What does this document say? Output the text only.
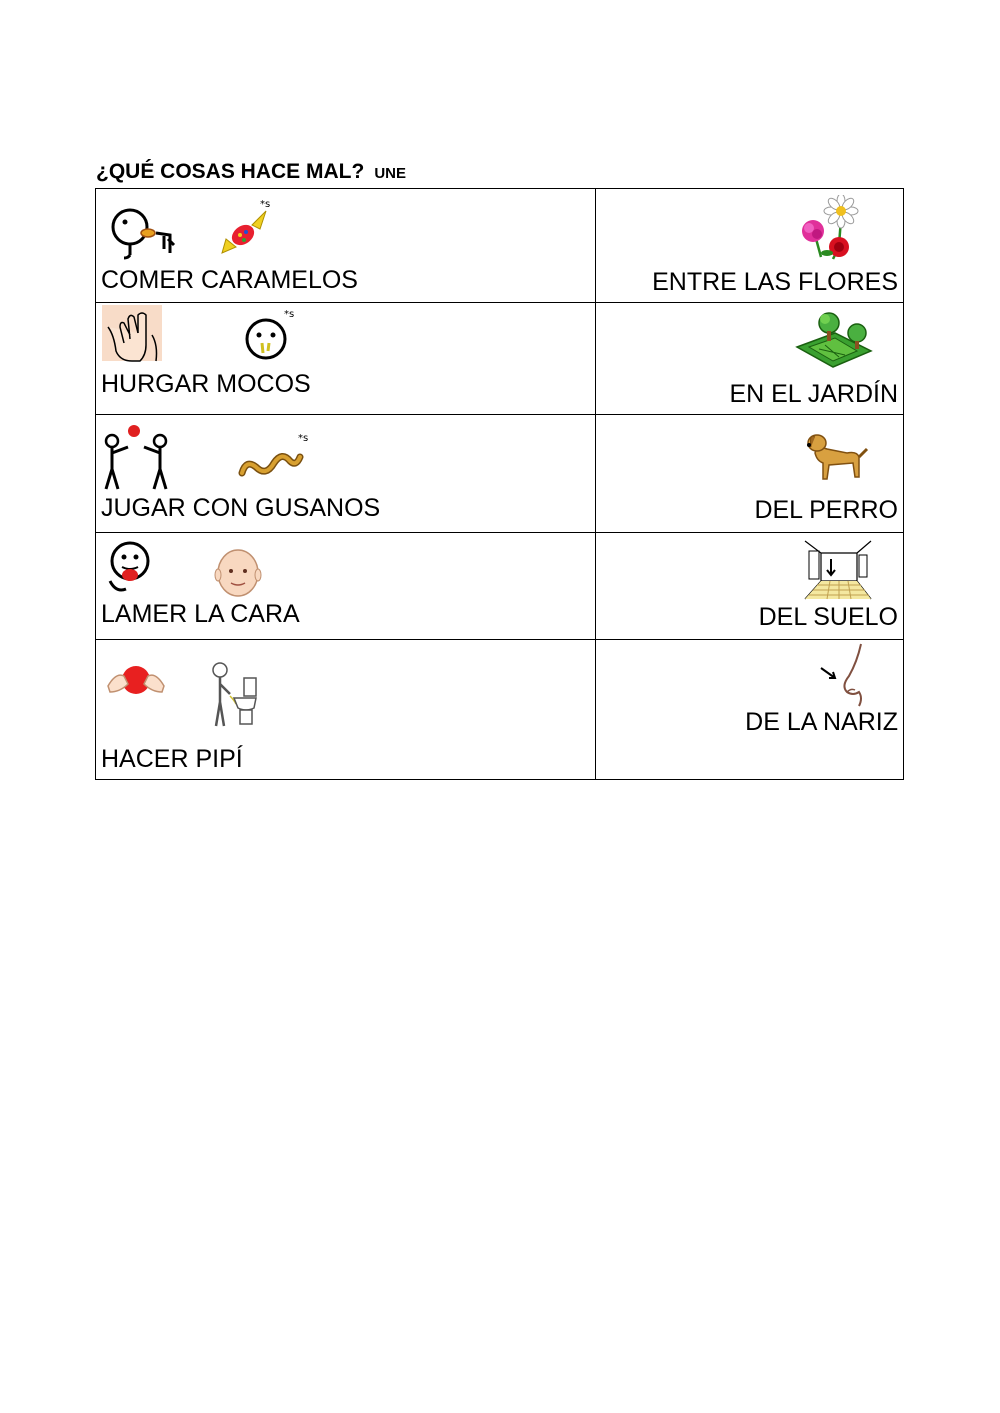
¿QUÉ COSAS HACE MAL? UNE
*s
COMER CARAMELOS	ENTRE LAS FLORES

*s
HURGAR MOCOS	EN EL JARDÍN

*s
JUGAR CON GUSANOS	DEL PERRO

LAMER LA CARA	DEL SUELO

HACER PIPÍ	DE LA NARIZ
